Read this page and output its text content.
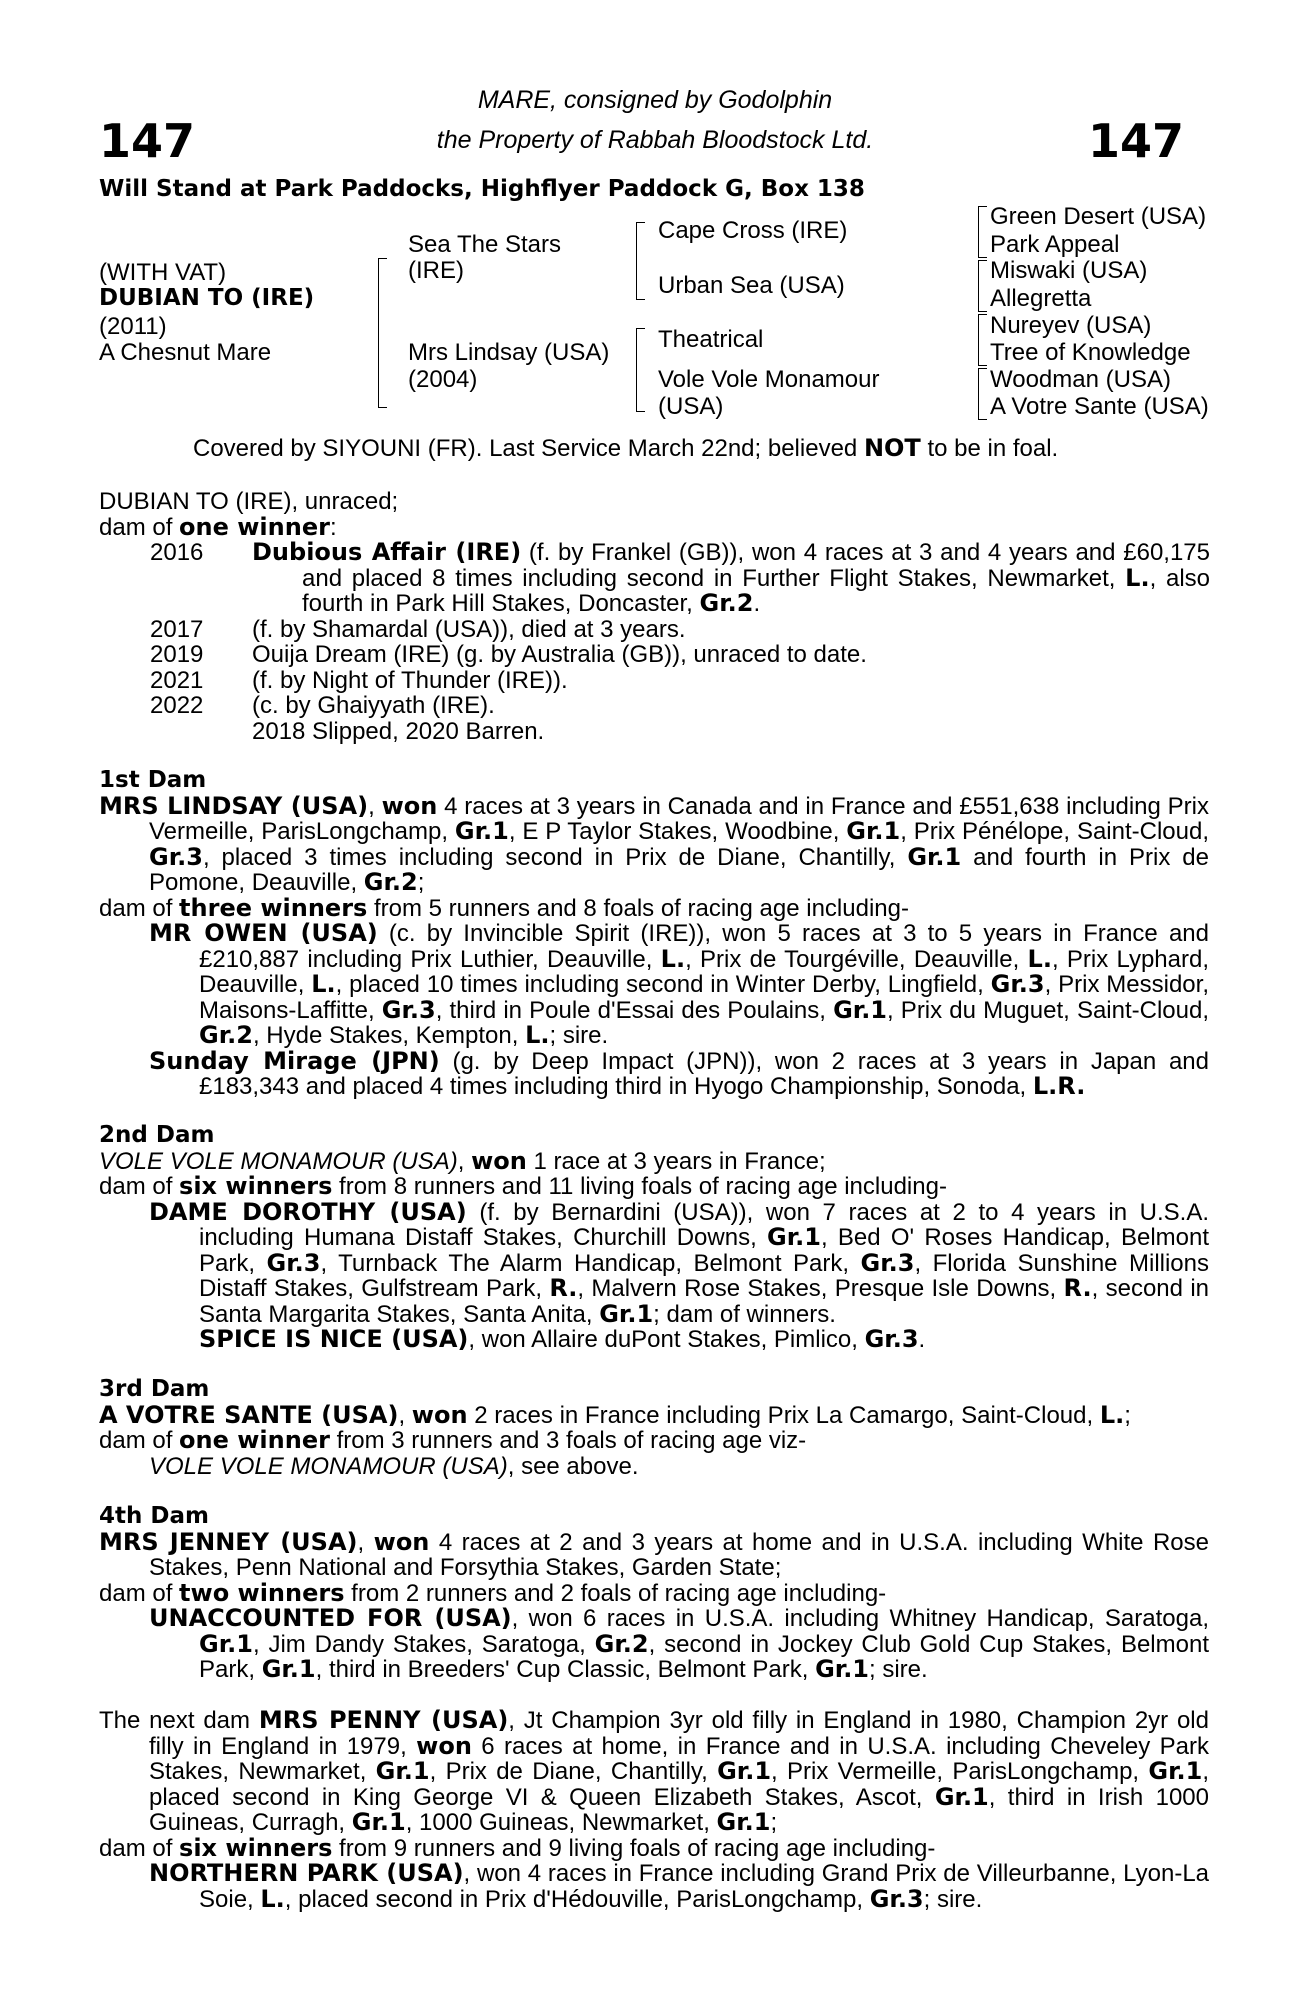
147	147
MARE, consigned by Godolphin
the Property of Rabbah Bloodstock Ltd.
Will Stand at Park Paddocks, Highflyer Paddock G, Box 138
(WITH VAT)
DUBIAN TO (IRE)
(2011)
A Chesnut Mare
Sea The Stars
(IRE)
Mrs Lindsay (USA)
(2004)
Cape Cross (IRE)
Urban Sea (USA)
Theatrical
Vole Vole Monamour
(USA)
Green Desert (USA)
Park Appeal
Miswaki (USA)
Allegretta
Nureyev (USA)
Tree of Knowledge
Woodman (USA)
A Votre Sante (USA)
Covered by SIYOUNI (FR). Last Service March 22nd; believed NOT to be in foal.

DUBIAN TO (IRE), unraced;

dam of one winner:

2016	Dubious Affair (IRE) (f. by Frankel (GB)), won 4 races at 3 and 4 years and £60,175 and placed 8 times including second in Further Flight Stakes, Newmarket, L., also fourth in Park Hill Stakes, Doncaster, Gr.2.
2017	(f. by Shamardal (USA)), died at 3 years.
2019	Ouija Dream (IRE) (g. by Australia (GB)), unraced to date.
2021	(f. by Night of Thunder (IRE)).
2022	(c. by Ghaiyyath (IRE).
2018 Slipped, 2020 Barren.

1st Dam

MRS LINDSAY (USA), won 4 races at 3 years in Canada and in France and £551,638 including Prix Vermeille, ParisLongchamp, Gr.1, E P Taylor Stakes, Woodbine, Gr.1, Prix Pénélope, Saint-Cloud, Gr.3, placed 3 times including second in Prix de Diane, Chantilly, Gr.1 and fourth in Prix de Pomone, Deauville, Gr.2;

dam of three winners from 5 runners and 8 foals of racing age including-

MR OWEN (USA) (c. by Invincible Spirit (IRE)), won 5 races at 3 to 5 years in France and £210,887 including Prix Luthier, Deauville, L., Prix de Tourgéville, Deauville, L., Prix Lyphard, Deauville, L., placed 10 times including second in Winter Derby, Lingfield, Gr.3, Prix Messidor, Maisons-Laffitte, Gr.3, third in Poule d'Essai des Poulains, Gr.1, Prix du Muguet, Saint-Cloud, Gr.2, Hyde Stakes, Kempton, L.; sire.

Sunday Mirage (JPN) (g. by Deep Impact (JPN)), won 2 races at 3 years in Japan and £183,343 and placed 4 times including third in Hyogo Championship, Sonoda, L.R.

2nd Dam

VOLE VOLE MONAMOUR (USA), won 1 race at 3 years in France;

dam of six winners from 8 runners and 11 living foals of racing age including-

DAME DOROTHY (USA) (f. by Bernardini (USA)), won 7 races at 2 to 4 years in U.S.A. including Humana Distaff Stakes, Churchill Downs, Gr.1, Bed O' Roses Handicap, Belmont Park, Gr.3, Turnback The Alarm Handicap, Belmont Park, Gr.3, Florida Sunshine Millions Distaff Stakes, Gulfstream Park, R., Malvern Rose Stakes, Presque Isle Downs, R., second in Santa Margarita Stakes, Santa Anita, Gr.1; dam of winners.

SPICE IS NICE (USA), won Allaire duPont Stakes, Pimlico, Gr.3.

3rd Dam

A VOTRE SANTE (USA), won 2 races in France including Prix La Camargo, Saint-Cloud, L.;

dam of one winner from 3 runners and 3 foals of racing age viz-

VOLE VOLE MONAMOUR (USA), see above.

4th Dam

MRS JENNEY (USA), won 4 races at 2 and 3 years at home and in U.S.A. including White Rose Stakes, Penn National and Forsythia Stakes, Garden State;

dam of two winners from 2 runners and 2 foals of racing age including-

UNACCOUNTED FOR (USA), won 6 races in U.S.A. including Whitney Handicap, Saratoga, Gr.1, Jim Dandy Stakes, Saratoga, Gr.2, second in Jockey Club Gold Cup Stakes, Belmont Park, Gr.1, third in Breeders' Cup Classic, Belmont Park, Gr.1; sire.

The next dam MRS PENNY (USA), Jt Champion 3yr old filly in England in 1980, Champion 2yr old filly in England in 1979, won 6 races at home, in France and in U.S.A. including Cheveley Park Stakes, Newmarket, Gr.1, Prix de Diane, Chantilly, Gr.1, Prix Vermeille, ParisLongchamp, Gr.1, placed second in King George VI & Queen Elizabeth Stakes, Ascot, Gr.1, third in Irish 1000 Guineas, Curragh, Gr.1, 1000 Guineas, Newmarket, Gr.1;

dam of six winners from 9 runners and 9 living foals of racing age including-

NORTHERN PARK (USA), won 4 races in France including Grand Prix de Villeurbanne, Lyon-La Soie, L., placed second in Prix d'Hédouville, ParisLongchamp, Gr.3; sire.
